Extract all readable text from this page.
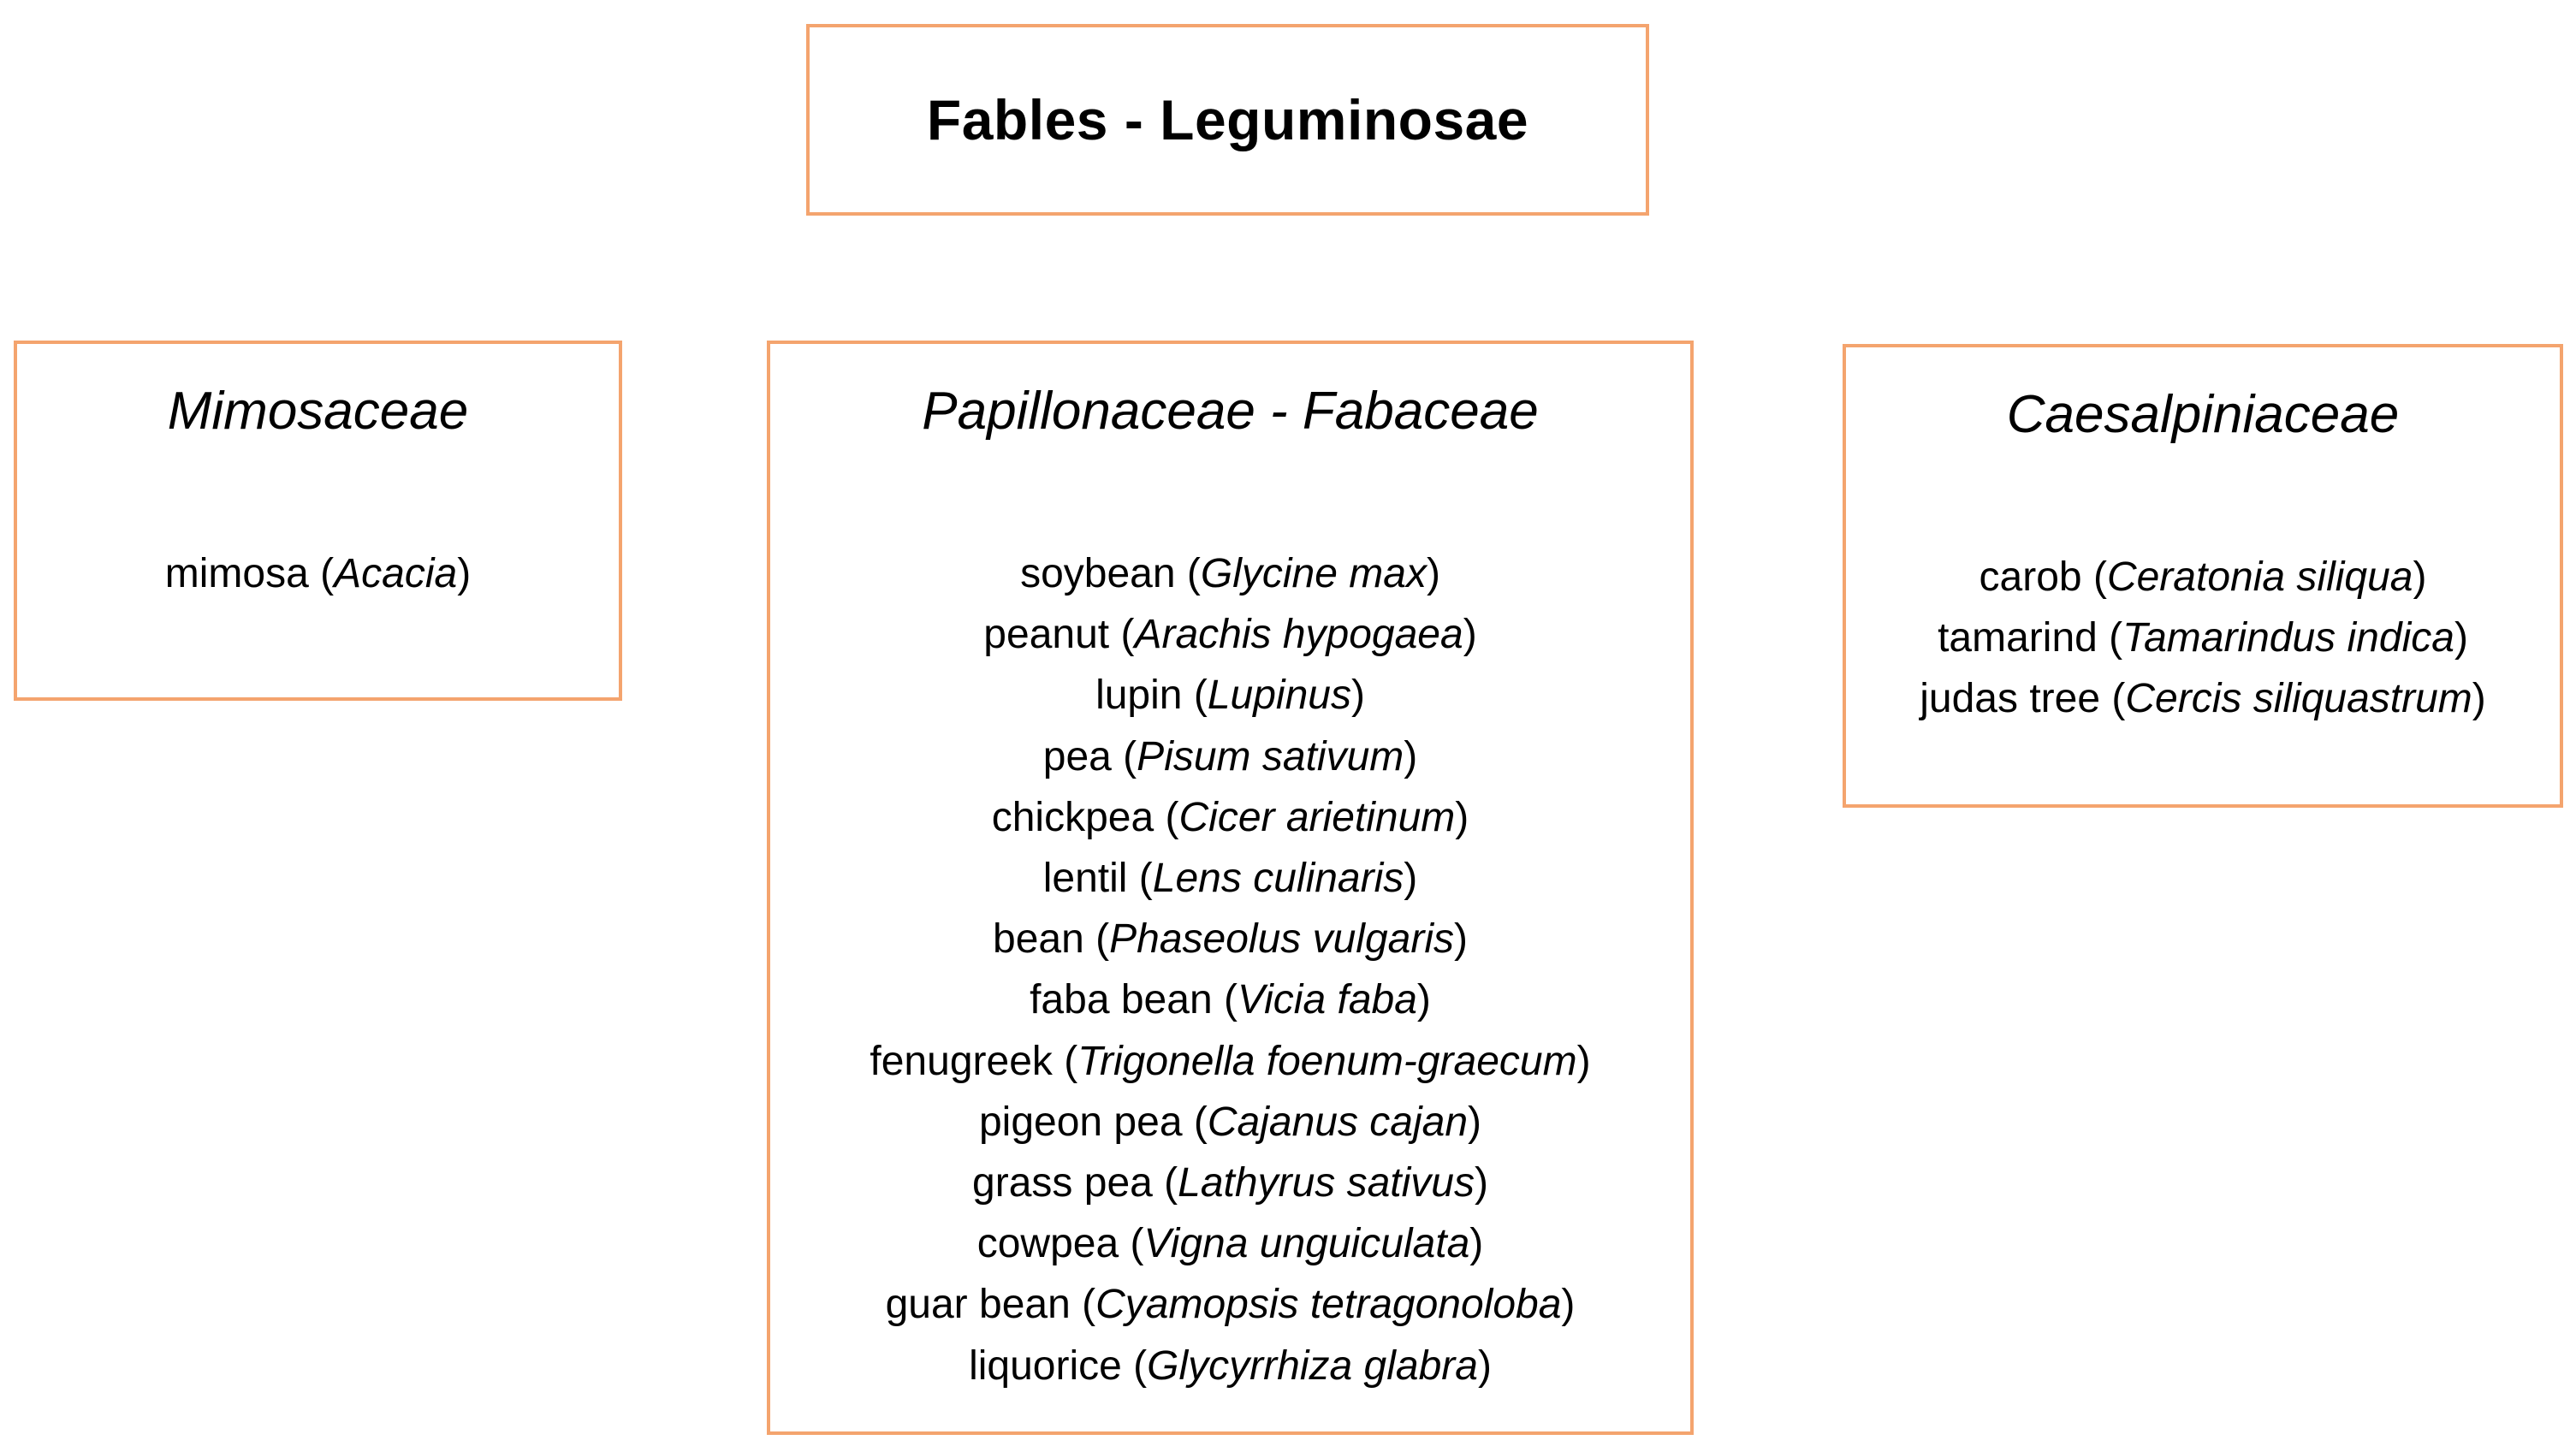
Fables - Leguminosae
Mimosaceae
mimosa (Acacia)
Papillonaceae - Fabaceae
soybean (Glycine max)
peanut (Arachis hypogaea)
lupin (Lupinus)
pea (Pisum sativum)
chickpea (Cicer arietinum)
lentil (Lens culinaris)
bean (Phaseolus vulgaris)
faba bean (Vicia faba)
fenugreek (Trigonella foenum-graecum)
pigeon pea (Cajanus cajan)
grass pea (Lathyrus sativus)
cowpea (Vigna unguiculata)
guar bean (Cyamopsis tetragonoloba)
liquorice (Glycyrrhiza glabra)
Caesalpiniaceae
carob (Ceratonia siliqua)
tamarind (Tamarindus indica)
judas tree (Cercis siliquastrum)
